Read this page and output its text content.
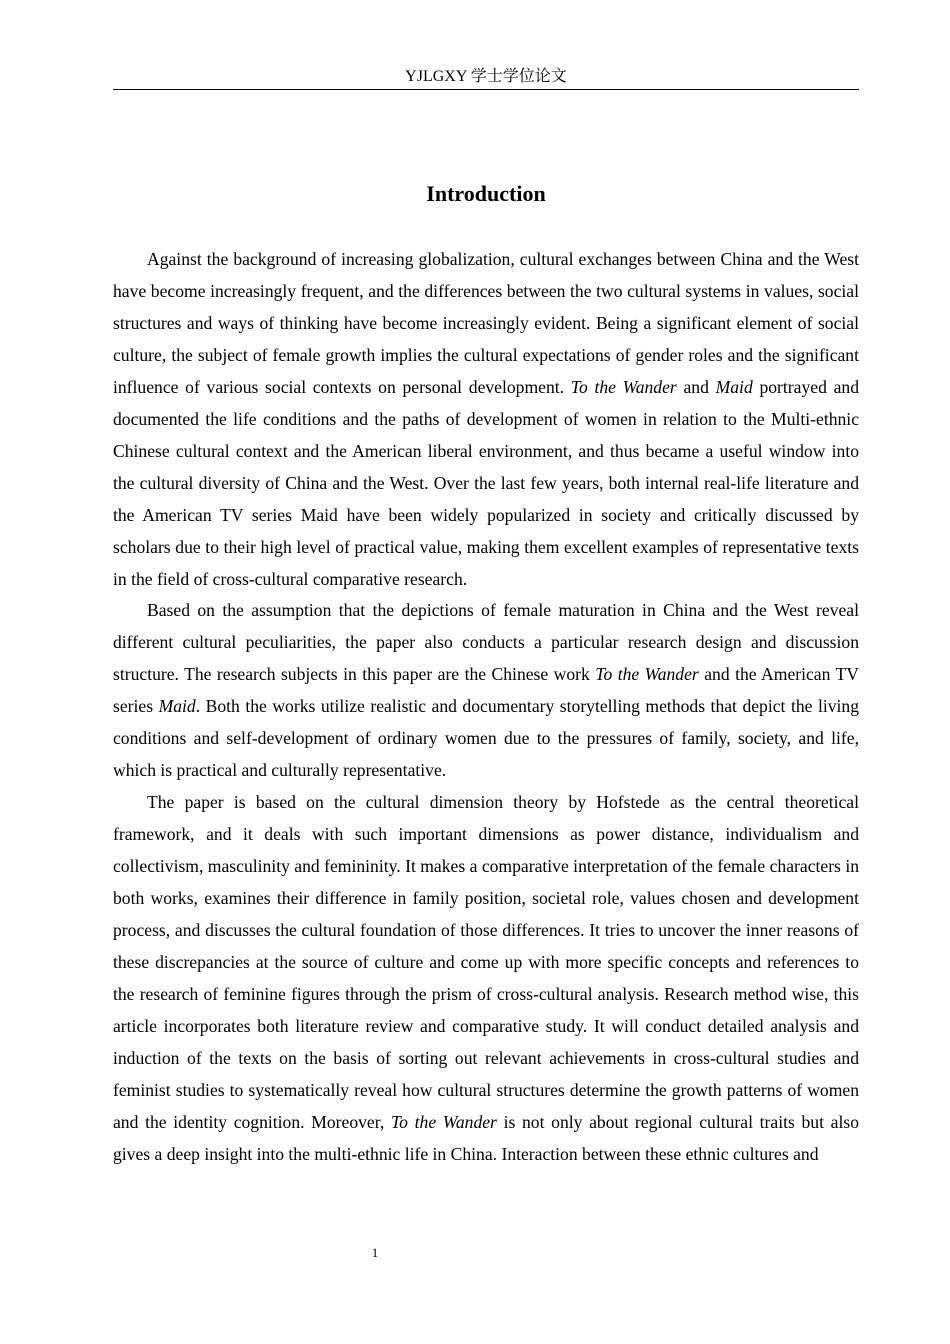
YJLGXY 学士学位论文
Introduction

Against the background of increasing globalization, cultural exchanges between China and the West have become increasingly frequent, and the differences between the two cultural systems in values, social structures and ways of thinking have become increasingly evident. Being a significant element of social culture, the subject of female growth implies the cultural expectations of gender roles and the significant influence of various social contexts on personal development. To the Wander and Maid portrayed and documented the life conditions and the paths of development of women in relation to the Multi-ethnic Chinese cultural context and the American liberal environment, and thus became a useful window into the cultural diversity of China and the West. Over the last few years, both internal real-life literature and the American TV series Maid have been widely popularized in society and critically discussed by scholars due to their high level of practical value, making them excellent examples of representative texts in the field of cross-cultural comparative research.

Based on the assumption that the depictions of female maturation in China and the West reveal different cultural peculiarities, the paper also conducts a particular research design and discussion structure. The research subjects in this paper are the Chinese work To the Wander and the American TV series Maid. Both the works utilize realistic and documentary storytelling methods that depict the living conditions and self-development of ordinary women due to the pressures of family, society, and life, which is practical and culturally representative.

The paper is based on the cultural dimension theory by Hofstede as the central theoretical framework, and it deals with such important dimensions as power distance, individualism and collectivism, masculinity and femininity. It makes a comparative interpretation of the female characters in both works, examines their difference in family position, societal role, values chosen and development process, and discusses the cultural foundation of those differences. It tries to uncover the inner reasons of these discrepancies at the source of culture and come up with more specific concepts and references to the research of feminine figures through the prism of cross-cultural analysis. Research method wise, this article incorporates both literature review and comparative study. It will conduct detailed analysis and induction of the texts on the basis of sorting out relevant achievements in cross-cultural studies and feminist studies to systematically reveal how cultural structures determine the growth patterns of women and the identity cognition. Moreover, To the Wander is not only about regional cultural traits but also gives a deep insight into the multi-ethnic life in China. Interaction between these ethnic cultures and

1
